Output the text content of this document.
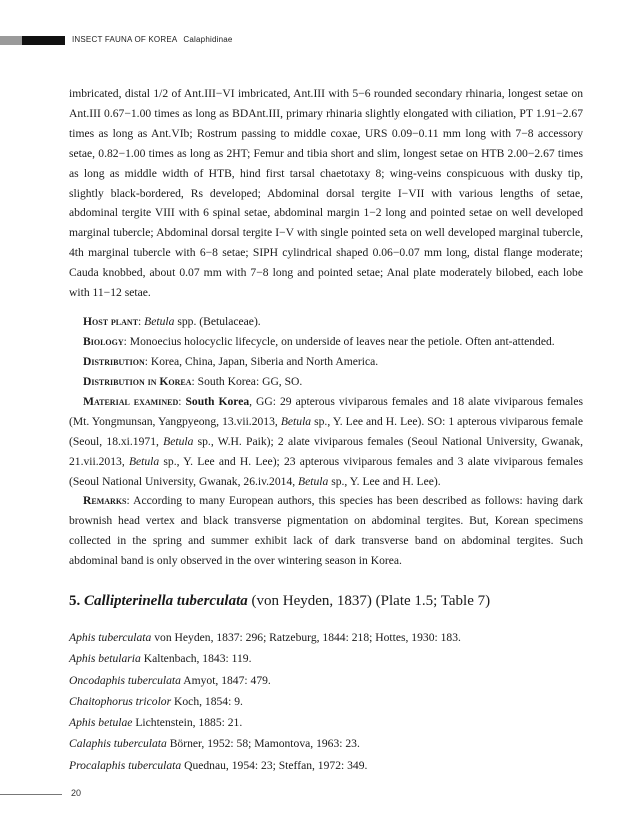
INSECT FAUNA OF KOREA Calaphidinae
imbricated, distal 1/2 of Ant.III−VI imbricated, Ant.III with 5−6 rounded secondary rhinaria, longest setae on Ant.III 0.67−1.00 times as long as BDAnt.III, primary rhinaria slightly elongated with ciliation, PT 1.91−2.67 times as long as Ant.VIb; Rostrum passing to middle coxae, URS 0.09−0.11 mm long with 7−8 accessory setae, 0.82−1.00 times as long as 2HT; Femur and tibia short and slim, longest setae on HTB 2.00−2.67 times as long as middle width of HTB, hind first tarsal chaetotaxy 8; wing-veins conspicuous with dusky tip, slightly black-bordered, Rs developed; Abdominal dorsal tergite I−VII with various lengths of setae, abdominal tergite VIII with 6 spinal setae, abdominal margin 1−2 long and pointed setae on well developed marginal tubercle; Abdominal dorsal tergite I−V with single pointed seta on well developed marginal tubercle, 4th marginal tubercle with 6−8 setae; SIPH cylindrical shaped 0.06−0.07 mm long, distal flange moderate; Cauda knobbed, about 0.07 mm with 7−8 long and pointed setae; Anal plate moderately bilobed, each lobe with 11−12 setae.
Host plant: Betula spp. (Betulaceae).
Biology: Monoecius holocyclic lifecycle, on underside of leaves near the petiole. Often ant-attended.
Distribution: Korea, China, Japan, Siberia and North America.
Distribution in Korea: South Korea: GG, SO.
Material examined: South Korea, GG: 29 apterous viviparous females and 18 alate viviparous females (Mt. Yongmunsan, Yangpyeong, 13.vii.2013, Betula sp., Y. Lee and H. Lee). SO: 1 apterous viviparous female (Seoul, 18.xi.1971, Betula sp., W.H. Paik); 2 alate viviparous females (Seoul National University, Gwanak, 21.vii.2013, Betula sp., Y. Lee and H. Lee); 23 apterous viviparous females and 3 alate viviparous females (Seoul National University, Gwanak, 26.iv.2014, Betula sp., Y. Lee and H. Lee).
Remarks: According to many European authors, this species has been described as follows: having dark brownish head vertex and black transverse pigmentation on abdominal tergites. But, Korean specimens collected in the spring and summer exhibit lack of dark transverse band on abdominal tergites. Such abdominal band is only observed in the over wintering season in Korea.
5. Callipterinella tuberculata (von Heyden, 1837) (Plate 1.5; Table 7)
Aphis tuberculata von Heyden, 1837: 296; Ratzeburg, 1844: 218; Hottes, 1930: 183.
Aphis betularia Kaltenbach, 1843: 119.
Oncodaphis tuberculata Amyot, 1847: 479.
Chaitophorus tricolor Koch, 1854: 9.
Aphis betulae Lichtenstein, 1885: 21.
Calaphis tuberculata Börner, 1952: 58; Mamontova, 1963: 23.
Procalaphis tuberculata Quednau, 1954: 23; Steffan, 1972: 349.
20
